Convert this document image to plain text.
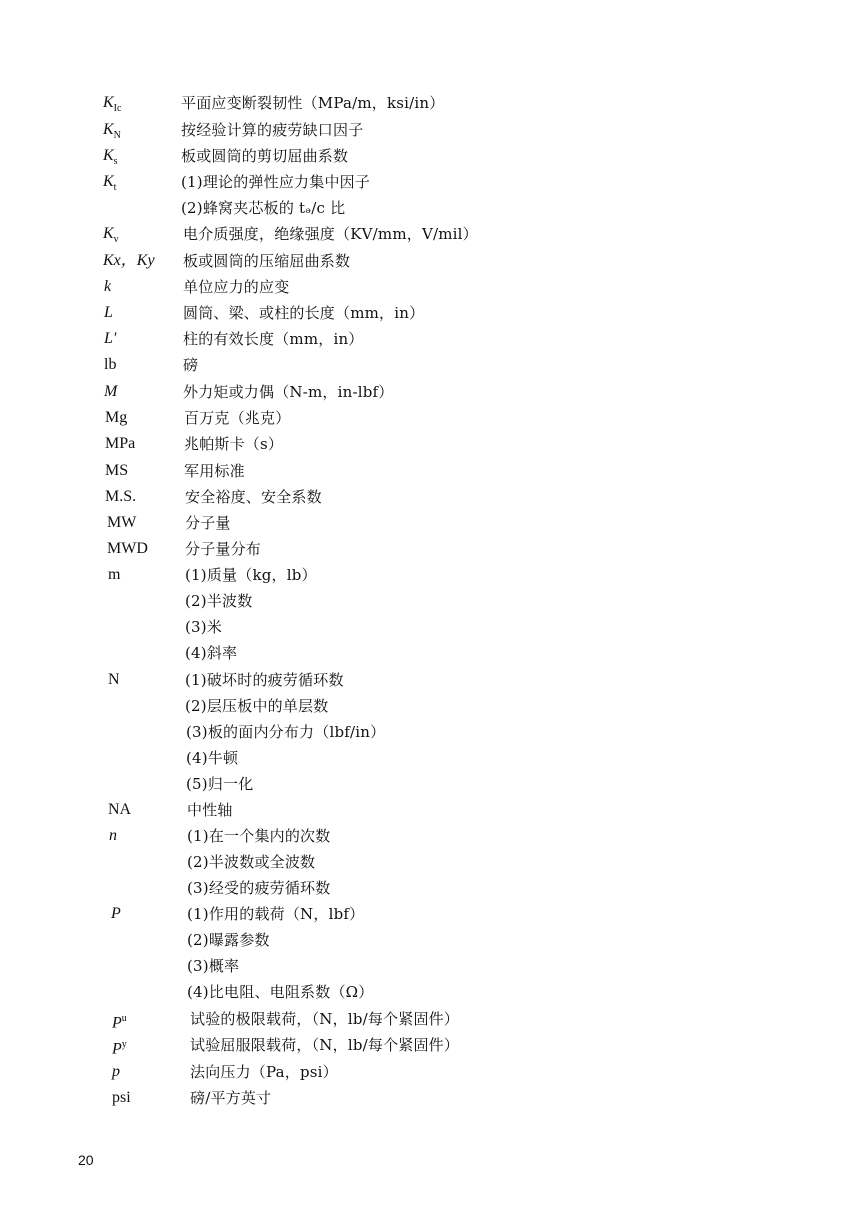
$K_{Ic}$	平面应变断裂韧性（MPa/m，ksi/in）
$K_N$	按经验计算的疲劳缺口因子
$K_s$	板或圆筒的剪切屈曲系数
$K_t$	(1)理论的弹性应力集中因子
(2)蜂窝夹芯板的 tₔ/c 比
$K_v$	电介质强度，绝缘强度（KV/mm，V/mil）
Kx，Ky 板或圆筒的压缩屈曲系数
k	单位应力的应变
L	圆筒、梁、或柱的长度（mm，in）
L'	柱的有效长度（mm，in）
lb	磅
M	外力矩或力偶（N-m，in-lbf）
Mg	百万克（兆克）
MPa	兆帕斯卡（s）
MS	军用标准
M.S.	安全裕度、安全系数
MW	分子量
MWD 分子量分布
m	(1)质量（kg，lb）
(2)半波数
(3)米
(4)斜率
N	(1)破坏时的疲劳循环数
(2)层压板中的单层数
(3)板的面内分布力（lbf/in）
(4)牛顿
(5)归一化
NA	中性轴
n	(1)在一个集内的次数
(2)半波数或全波数
(3)经受的疲劳循环数
P	(1)作用的载荷（N，lbf）
(2)曝露参数
(3)概率
(4)比电阻、电阻系数（Ω）
$P^u$	试验的极限载荷，（N，lb/每个紧固件）
$P^y$	试验屈服限载荷，（N，lb/每个紧固件）
p	法向压力（Pa，psi）
psi	磅/平方英寸
20
